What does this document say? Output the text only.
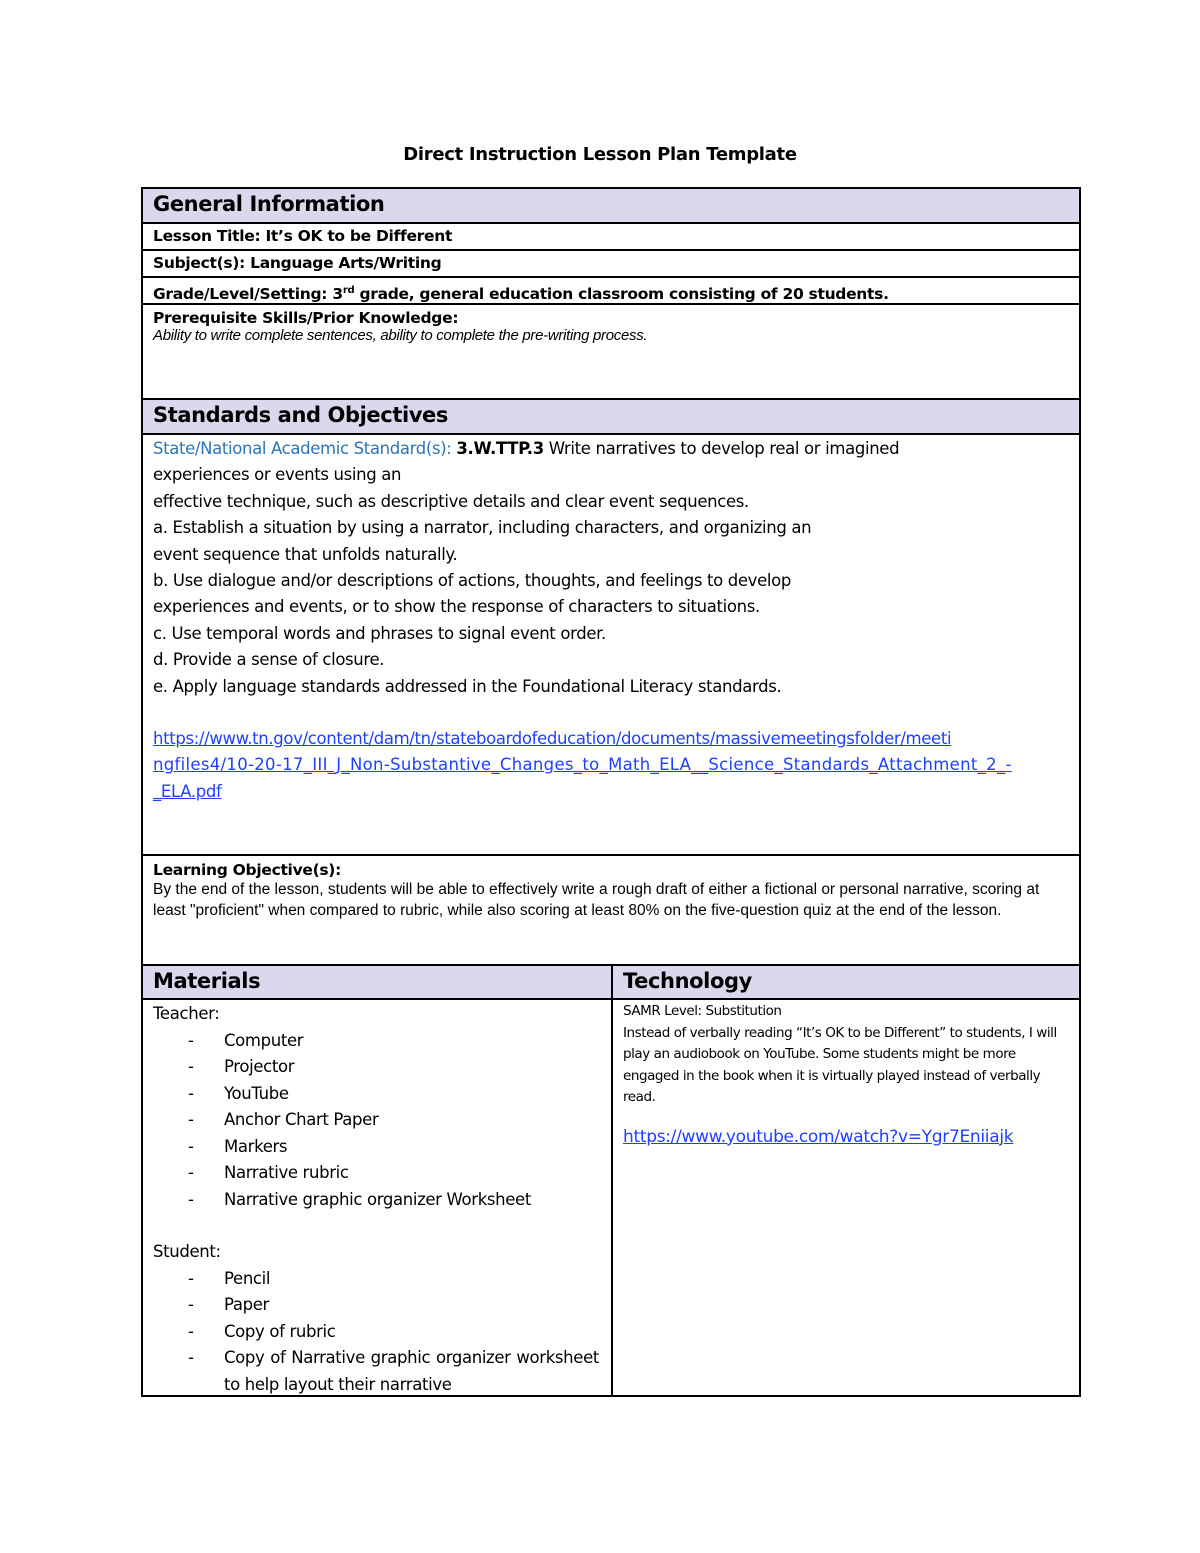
Direct Instruction Lesson Plan Template
General Information
Lesson Title: It’s OK to be Different
Subject(s): Language Arts/Writing
Grade/Level/Setting: 3rd grade, general education classroom consisting of 20 students.
Prerequisite Skills/Prior Knowledge:
Ability to write complete sentences, ability to complete the pre-writing process.
Standards and Objectives
State/National Academic Standard(s): 3.W.TTP.3 Write narratives to develop real or imagined
experiences or events using an
effective technique, such as descriptive details and clear event sequences.
a. Establish a situation by using a narrator, including characters, and organizing an
event sequence that unfolds naturally.
b. Use dialogue and/or descriptions of actions, thoughts, and feelings to develop
experiences and events, or to show the response of characters to situations.
c. Use temporal words and phrases to signal event order.
d. Provide a sense of closure.
e. Apply language standards addressed in the Foundational Literacy standards.
https://www.tn.gov/content/dam/tn/stateboardofeducation/documents/massivemeetingsfolder/meeti
ngfiles4/10-20-17_III_J_Non-Substantive_Changes_to_Math_ELA__Science_Standards_Attachment_2_-
_ELA.pdf
Learning Objective(s):
By the end of the lesson, students will be able to effectively write a rough draft of either a fictional or personal narrative, scoring at least "proficient" when compared to rubric, while also scoring at least 80% on the five-question quiz at the end of the lesson.
Materials	Technology
Teacher:
- Computer
- Projector
- YouTube
- Anchor Chart Paper
- Markers
- Narrative rubric
- Narrative graphic organizer Worksheet
Student:
- Pencil
- Paper
- Copy of rubric
- Copy of Narrative graphic organizer worksheet to help layout their narrative
SAMR Level: Substitution
Instead of verbally reading “It’s OK to be Different” to students, I will play an audiobook on YouTube. Some students might be more engaged in the book when it is virtually played instead of verbally read.
https://www.youtube.com/watch?v=Ygr7Eniiajk
